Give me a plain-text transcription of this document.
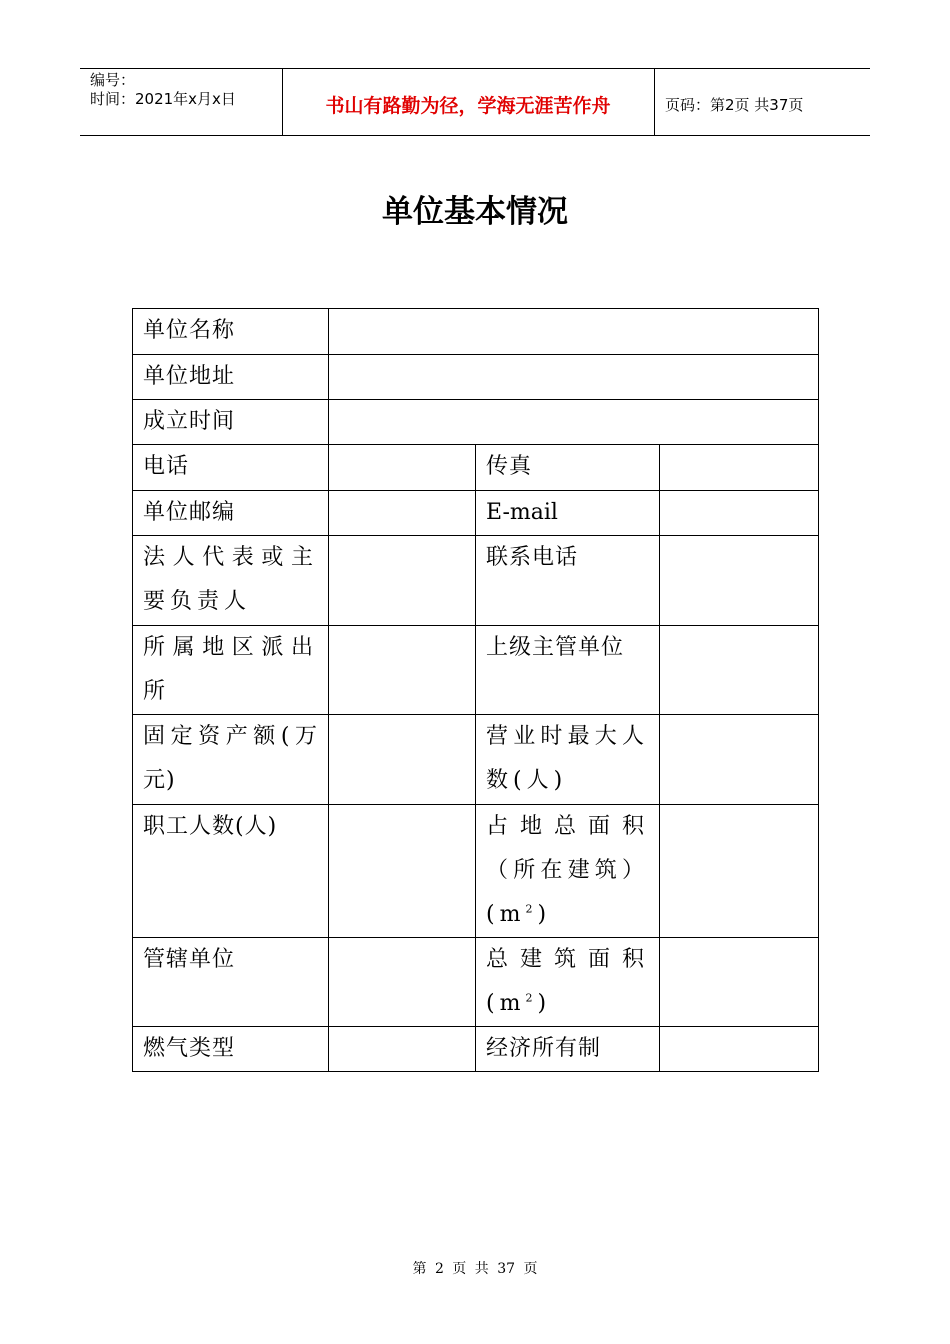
编号：
时间：2021年x月x日	书山有路勤为径，学海无涯苦作舟	页码：第2页 共37页
单位基本情况
单位名称			
单位地址			
成立时间			
电话		传真	
单位邮编		E-mail	
法人代表或主要负责人		联系电话	
所属地区派出所		上级主管单位	
固定资产额(万元)		营业时最大人数(人)	
职工人数(人)		占地总面积（所在建筑）$(m^2)$	
管辖单位		总建筑面积$(m^2)$	
燃气类型		经济所有制	
第 2 页 共 37 页
